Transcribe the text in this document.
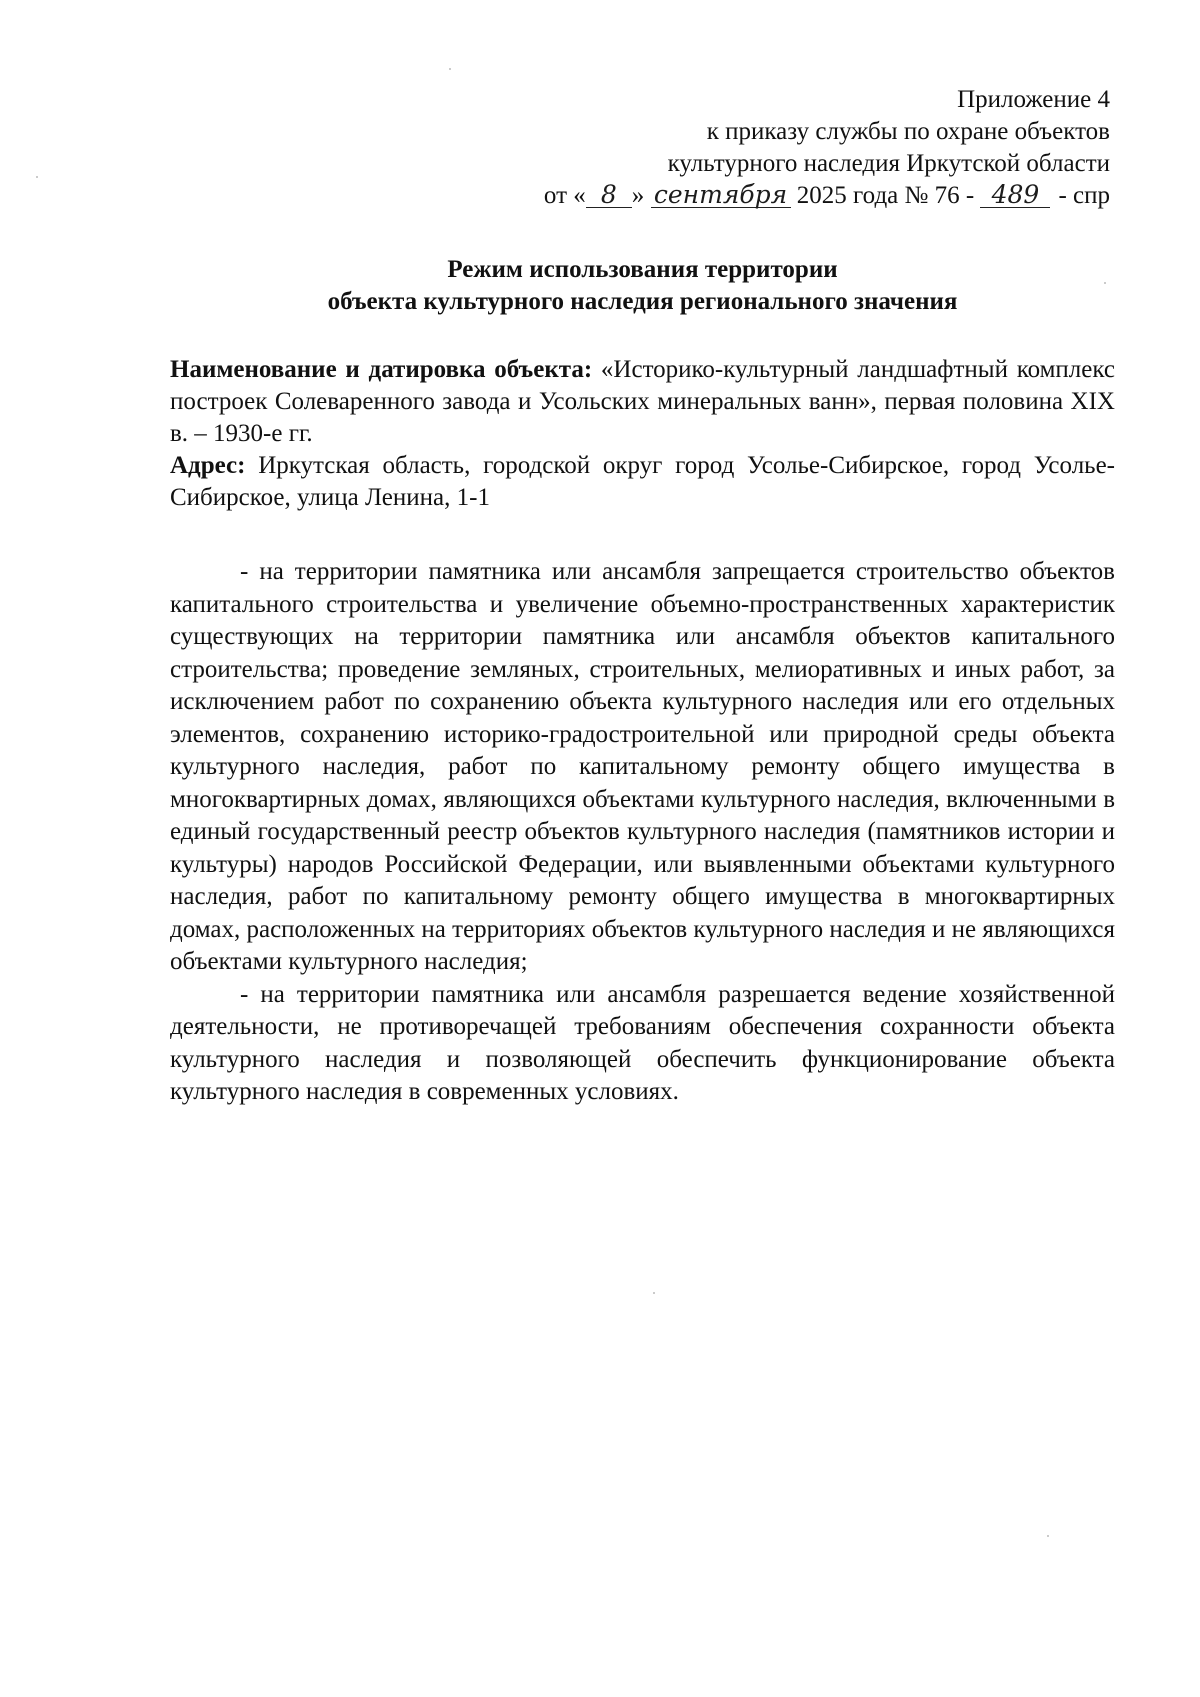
Приложение 4
к приказу службы по охране объектов
культурного наследия Иркутской области
от « 8 » сентября 2025 года № 76 - 489 - спр
Режим использования территории
объекта культурного наследия регионального значения

Наименование и датировка объекта: «Историко-культурный ландшафтный комплекс построек Солеваренного завода и Усольских минеральных ванн», первая половина XIX в. – 1930-е гг.

Адрес: Иркутская область, городской округ город Усолье-Сибирское, город Усолье-Сибирское, улица Ленина, 1-1

- на территории памятника или ансамбля запрещается строительство объектов капитального строительства и увеличение объемно-пространственных характеристик существующих на территории памятника или ансамбля объектов капитального строительства; проведение земляных, строительных, мелиоративных и иных работ, за исключением работ по сохранению объекта культурного наследия или его отдельных элементов, сохранению историко-градостроительной или природной среды объекта культурного наследия, работ по капитальному ремонту общего имущества в многоквартирных домах, являющихся объектами культурного наследия, включенными в единый государственный реестр объектов культурного наследия (памятников истории и культуры) народов Российской Федерации, или выявленными объектами культурного наследия, работ по капитальному ремонту общего имущества в многоквартирных домах, расположенных на территориях объектов культурного наследия и не являющихся объектами культурного наследия;

- на территории памятника или ансамбля разрешается ведение хозяйственной деятельности, не противоречащей требованиям обеспечения сохранности объекта культурного наследия и позволяющей обеспечить функционирование объекта культурного наследия в современных условиях.
